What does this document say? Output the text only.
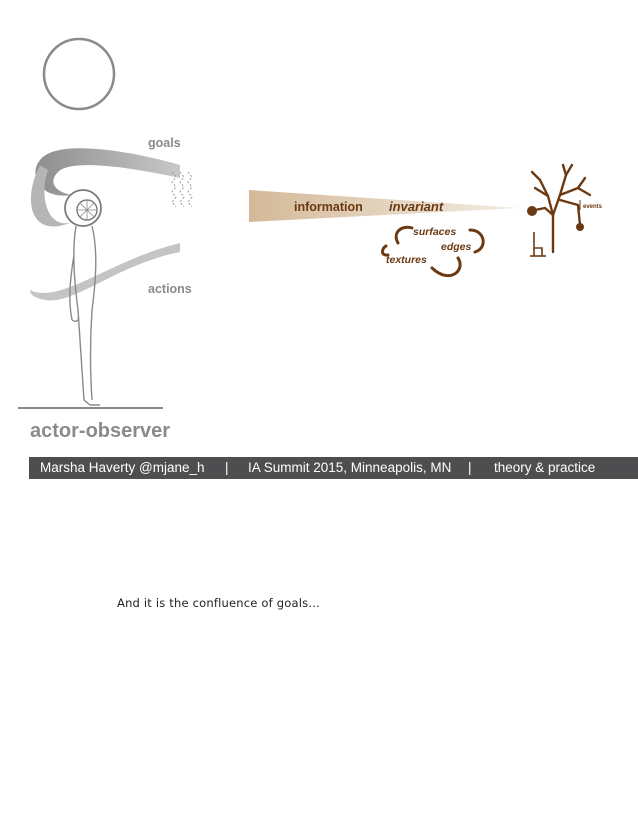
goals
actions
actor-observer
information invariant
surfaces
edges
textures
events
Marsha Haverty @mjane_h | IA Summit 2015, Minneapolis, MN | theory & practice
And it is the confluence of goals...
